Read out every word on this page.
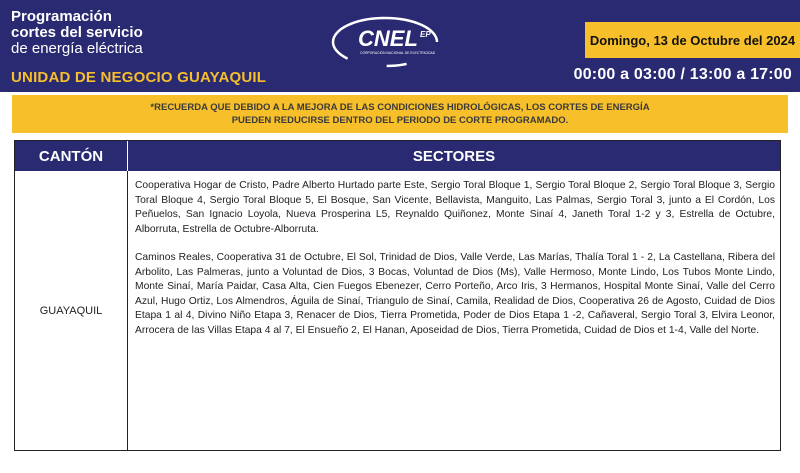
Programación
cortes del servicio
de energía eléctrica
UNIDAD DE NEGOCIO GUAYAQUIL
CNEL EP
CORPORACIÓN NACIONAL DE ELECTRICIDAD
Domingo, 13 de Octubre del 2024
00:00 a 03:00 / 13:00 a 17:00
*RECUERDA QUE DEBIDO A LA MEJORA DE LAS CONDICIONES HIDROLÓGICAS, LOS CORTES DE ENERGÍA
PUEDEN REDUCIRSE DENTRO DEL PERIODO DE CORTE PROGRAMADO.
CANTÓN	SECTORES
GUAYAQUIL

Cooperativa Hogar de Cristo, Padre Alberto Hurtado parte Este, Sergio Toral Bloque 1, Sergio Toral Bloque 2, Sergio Toral Bloque 3, Sergio Toral Bloque 4, Sergio Toral Bloque 5, El Bosque, San Vicente, Bellavista, Manguito, Las Palmas, Sergio Toral 3, junto a El Cordón, Los Peñuelos, San Ignacio Loyola, Nueva Prosperina L5, Reynaldo Quiñonez, Monte Sinaí 4, Janeth Toral 1-2 y 3, Estrella de Octubre, Alborruta, Estrella de Octubre-Alborruta.

Caminos Reales, Cooperativa 31 de Octubre, El Sol, Trinidad de Dios, Valle Verde, Las Marías, Thalía Toral 1 - 2, La Castellana, Ribera del Arbolito, Las Palmeras, junto a Voluntad de Dios, 3 Bocas, Voluntad de Dios (Ms), Valle Hermoso, Monte Lindo, Los Tubos Monte Lindo, Monte Sinaí, María Paidar, Casa Alta, Cien Fuegos Ebenezer, Cerro Porteño, Arco Iris, 3 Hermanos, Hospital Monte Sinaí, Valle del Cerro Azul, Hugo Ortiz, Los Almendros, Águila de Sinaí, Triangulo de Sinaí, Camila, Realidad de Dios, Cooperativa 26 de Agosto, Cuidad de Dios Etapa 1 al 4, Divino Niño Etapa 3, Renacer de Dios, Tierra Prometida, Poder de Dios Etapa 1 -2, Cañaveral, Sergio Toral 3, Elvira Leonor, Arrocera de las Villas Etapa 4 al 7, El Ensueño 2, El Hanan, Aposeidad de Dios, Tierra Prometida, Cuidad de Dios et 1-4, Valle del Norte.
